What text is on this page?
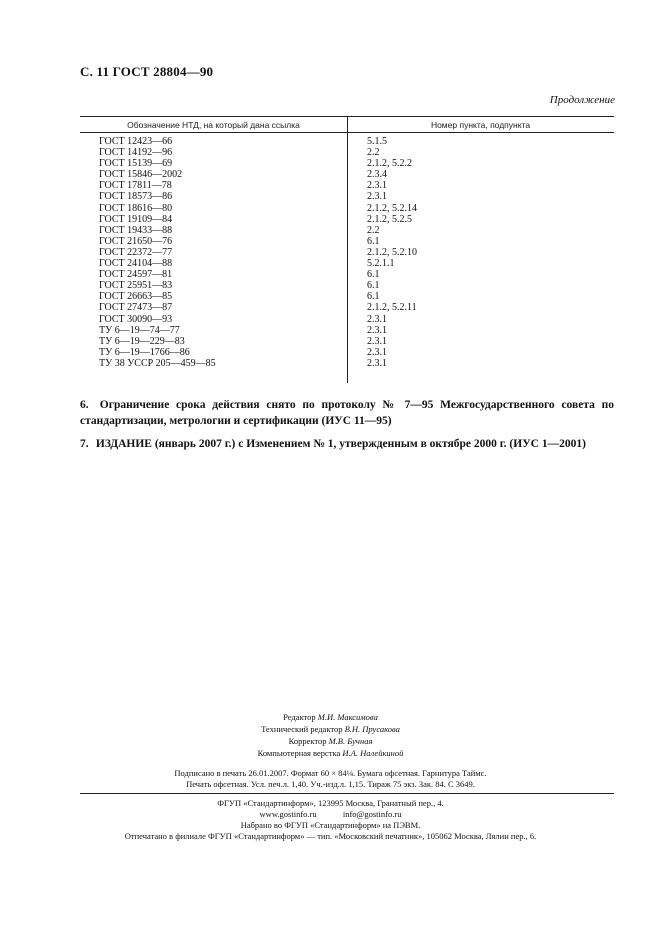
С. 11 ГОСТ 28804—90
Продолжение
Обозначение НТД, на который дана ссылка	Номер пункта, подпункта
ГОСТ 12423—66	5.1.5
ГОСТ 14192—96	2.2
ГОСТ 15139—69	2.1.2, 5.2.2
ГОСТ 15846—2002	2.3.4
ГОСТ 17811—78	2.3.1
ГОСТ 18573—86	2.3.1
ГОСТ 18616—80	2.1.2, 5.2.14
ГОСТ 19109—84	2.1.2, 5.2.5
ГОСТ 19433—88	2.2
ГОСТ 21650—76	6.1
ГОСТ 22372—77	2.1.2, 5.2.10
ГОСТ 24104—88	5.2.1.1
ГОСТ 24597—81	6.1
ГОСТ 25951—83	6.1
ГОСТ 26663—85	6.1
ГОСТ 27473—87	2.1.2, 5.2.11
ГОСТ 30090—93	2.3.1
ТУ 6—19—74—77	2.3.1
ТУ 6—19—229—83	2.3.1
ТУ 6—19—1766—86	2.3.1
ТУ 38 УССР 205—459—85	2.3.1
6. Ограничение срока действия снято по протоколу № 7—95 Межгосударственного совета по стандартизации, метрологии и сертификации (ИУС 11—95)
7. ИЗДАНИЕ (январь 2007 г.) с Изменением № 1, утвержденным в октябре 2000 г. (ИУС 1—2001)
Редактор М.И. Максимова
Технический редактор В.Н. Прусакова
Корректор М.В. Бучная
Компьютерная верстка И.А. Налейкиной
Подписано в печать 26.01.2007. Формат 60 × 84⅛. Бумага офсетная. Гарнитура Таймс.
Печать офсетная. Усл. печ.л. 1,40. Уч.-изд.л. 1,15. Тираж 75 экз. Зак. 84. С 3649.
ФГУП «Стандартинформ», 123995 Москва, Гранатный пер., 4.
www.gostinfo.ru	info@gostinfo.ru
Набрано во ФГУП «Стандартинформ» на ПЭВМ.
Отпечатано в филиале ФГУП «Стандартинформ» — тип. «Московский печатник», 105062 Москва, Лялин пер., 6.
